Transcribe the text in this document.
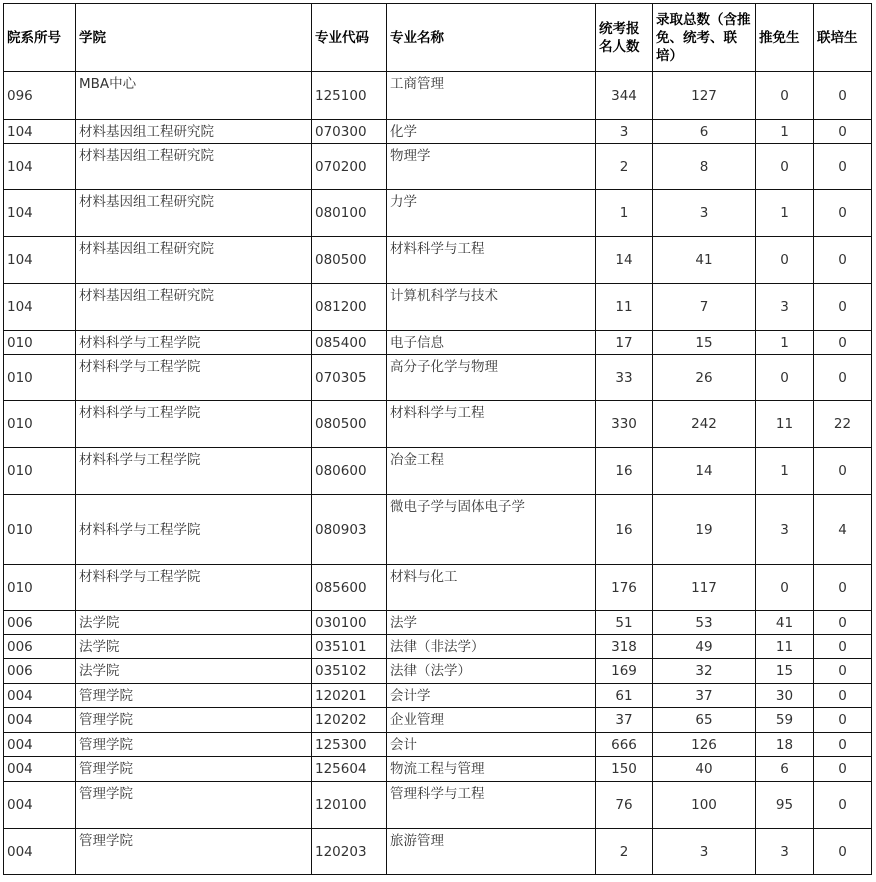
院系所号	学院	专业代码	专业名称	统考报名人数	录取总数（含推免、统考、联培）	推免生	联培生
096	MBA中心	125100	工商管理	344	127	0	0
104	材料基因组工程研究院	070300	化学	3	6	1	0
104	材料基因组工程研究院	070200	物理学	2	8	0	0
104	材料基因组工程研究院	080100	力学	1	3	1	0
104	材料基因组工程研究院	080500	材料科学与工程	14	41	0	0
104	材料基因组工程研究院	081200	计算机科学与技术	11	7	3	0
010	材料科学与工程学院	085400	电子信息	17	15	1	0
010	材料科学与工程学院	070305	高分子化学与物理	33	26	0	0
010	材料科学与工程学院	080500	材料科学与工程	330	242	11	22
010	材料科学与工程学院	080600	冶金工程	16	14	1	0
010	材料科学与工程学院	080903	微电子学与固体电子学	16	19	3	4
010	材料科学与工程学院	085600	材料与化工	176	117	0	0
006	法学院	030100	法学	51	53	41	0
006	法学院	035101	法律（非法学）	318	49	11	0
006	法学院	035102	法律（法学）	169	32	15	0
004	管理学院	120201	会计学	61	37	30	0
004	管理学院	120202	企业管理	37	65	59	0
004	管理学院	125300	会计	666	126	18	0
004	管理学院	125604	物流工程与管理	150	40	6	0
004	管理学院	120100	管理科学与工程	76	100	95	0
004	管理学院	120203	旅游管理	2	3	3	0
